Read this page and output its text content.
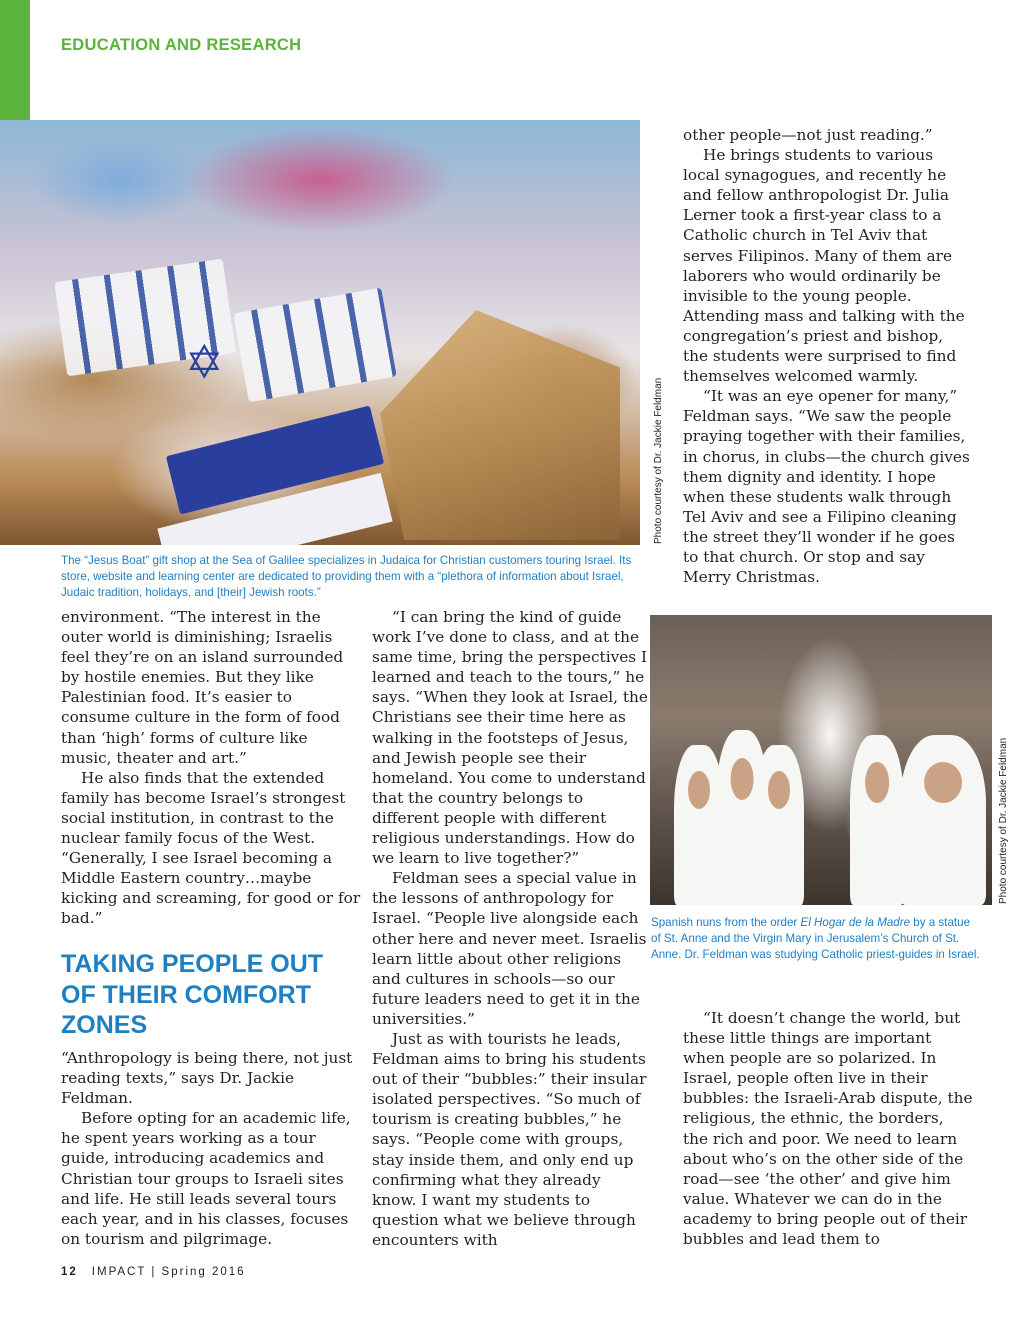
EDUCATION AND RESEARCH
✡
Photo courtesy of Dr. Jackie Feldman
The “Jesus Boat” gift shop at the Sea of Galilee specializes in Judaica for Christian customers touring Israel. Its store, website and learning center are dedicated to providing them with a “plethora of information about Israel, Judaic tradition, holidays, and [their] Jewish roots.”
Photo courtesy of Dr. Jackie Feldman
Spanish nuns from the order El Hogar de la Madre by a statue of St. Anne and the Virgin Mary in Jerusalem’s Church of St. Anne. Dr. Feldman was studying Catholic priest-guides in Israel.

environment. “The interest in the outer world is diminishing; Israelis feel they’re on an island surrounded by hostile enemies. But they like Palestinian food. It’s easier to consume culture in the form of food than ‘high’ forms of culture like music, theater and art.”

He also finds that the extended family has become Israel’s strongest social institution, in contrast to the nuclear family focus of the West. “Generally, I see Israel becoming a Middle Eastern country…maybe kicking and screaming, for good or for bad.”

TAKING PEOPLE OUT OF THEIR COMFORT ZONES

“Anthropology is being there, not just reading texts,” says Dr. Jackie Feldman.

Before opting for an academic life, he spent years working as a tour guide, introducing academics and Christian tour groups to Israeli sites and life. He still leads several tours each year, and in his classes, focuses on tourism and pilgrimage.

“I can bring the kind of guide work I’ve done to class, and at the same time, bring the perspectives I learned and teach to the tours,” he says. “When they look at Israel, the Christians see their time here as walking in the footsteps of Jesus, and Jewish people see their homeland. You come to understand that the country belongs to different people with different religious understandings. How do we learn to live together?”

Feldman sees a special value in the lessons of anthropology for Israel. “People live alongside each other here and never meet. Israelis learn little about other religions and cultures in schools—so our future leaders need to get it in the universities.”

Just as with tourists he leads, Feldman aims to bring his students out of their “bubbles:” their insular isolated perspectives. “So much of tourism is creating bubbles,” he says. “People come with groups, stay inside them, and only end up confirming what they already know. I want my students to question what we believe through encounters with

other people—not just reading.”

He brings students to various local synagogues, and recently he and fellow anthropologist Dr. Julia Lerner took a first-year class to a Catholic church in Tel Aviv that serves Filipinos. Many of them are laborers who would ordinarily be invisible to the young people. Attending mass and talking with the congregation’s priest and bishop, the students were surprised to find themselves welcomed warmly.

“It was an eye opener for many,” Feldman says. “We saw the people praying together with their families, in chorus, in clubs—the church gives them dignity and identity. I hope when these students walk through Tel Aviv and see a Filipino cleaning the street they’ll wonder if he goes to that church. Or stop and say Merry Christmas.

“It doesn’t change the world, but these little things are important when people are so polarized. In Israel, people often live in their bubbles: the Israeli-Arab dispute, the religious, the ethnic, the borders, the rich and poor. We need to learn about who’s on the other side of the road—see ‘the other’ and give him value. Whatever we can do in the academy to bring people out of their bubbles and lead them to

12 IMPACT | Spring 2016
